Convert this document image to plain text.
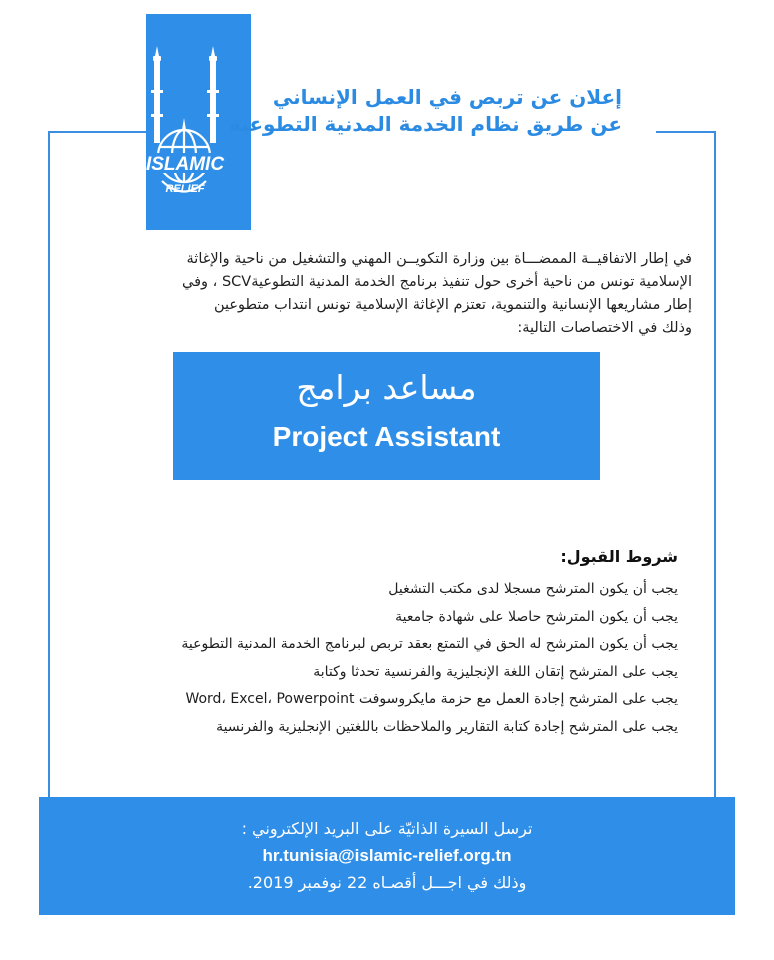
ISLAMIC
RELIEF
إعلان عن تربص في العمل الإنساني
عن طريق نظام الخدمة المدنية التطوعية
في إطار الاتفاقيــة الممضـــاة بين وزارة التكويــن المهني والتشغيل من ناحية والإغاثة
الإسلامية تونس من ناحية أخرى حول تنفيذ برنامج الخدمة المدنية التطوعيةSCV ، وفي
إطار مشاريعها الإنسانية والتنموية، تعتزم الإغاثة الإسلامية تونس انتداب متطوعين
وذلك في الاختصاصات التالية:
مساعد برامج
Project Assistant
شروط القبول:
يجب أن يكون المترشح مسجلا لدى مكتب التشغيل
يجب أن يكون المترشح حاصلا على شهادة جامعية
يجب أن يكون المترشح له الحق في التمتع بعقد تربص لبرنامج الخدمة المدنية التطوعية
يجب على المترشح إتقان اللغة الإنجليزية والفرنسية تحدثا وكتابة
يجب على المترشح إجادة العمل مع حزمة مايكروسوفت Word، Excel، Powerpoint
يجب على المترشح إجادة كتابة التقارير والملاحظات باللغتين الإنجليزية والفرنسية
ترسل السيرة الذاتيّة على البريد الإلكتروني :
hr.tunisia@islamic-relief.org.tn
وذلك في اجـــل أقصـاه 22 نوفمبر 2019.
